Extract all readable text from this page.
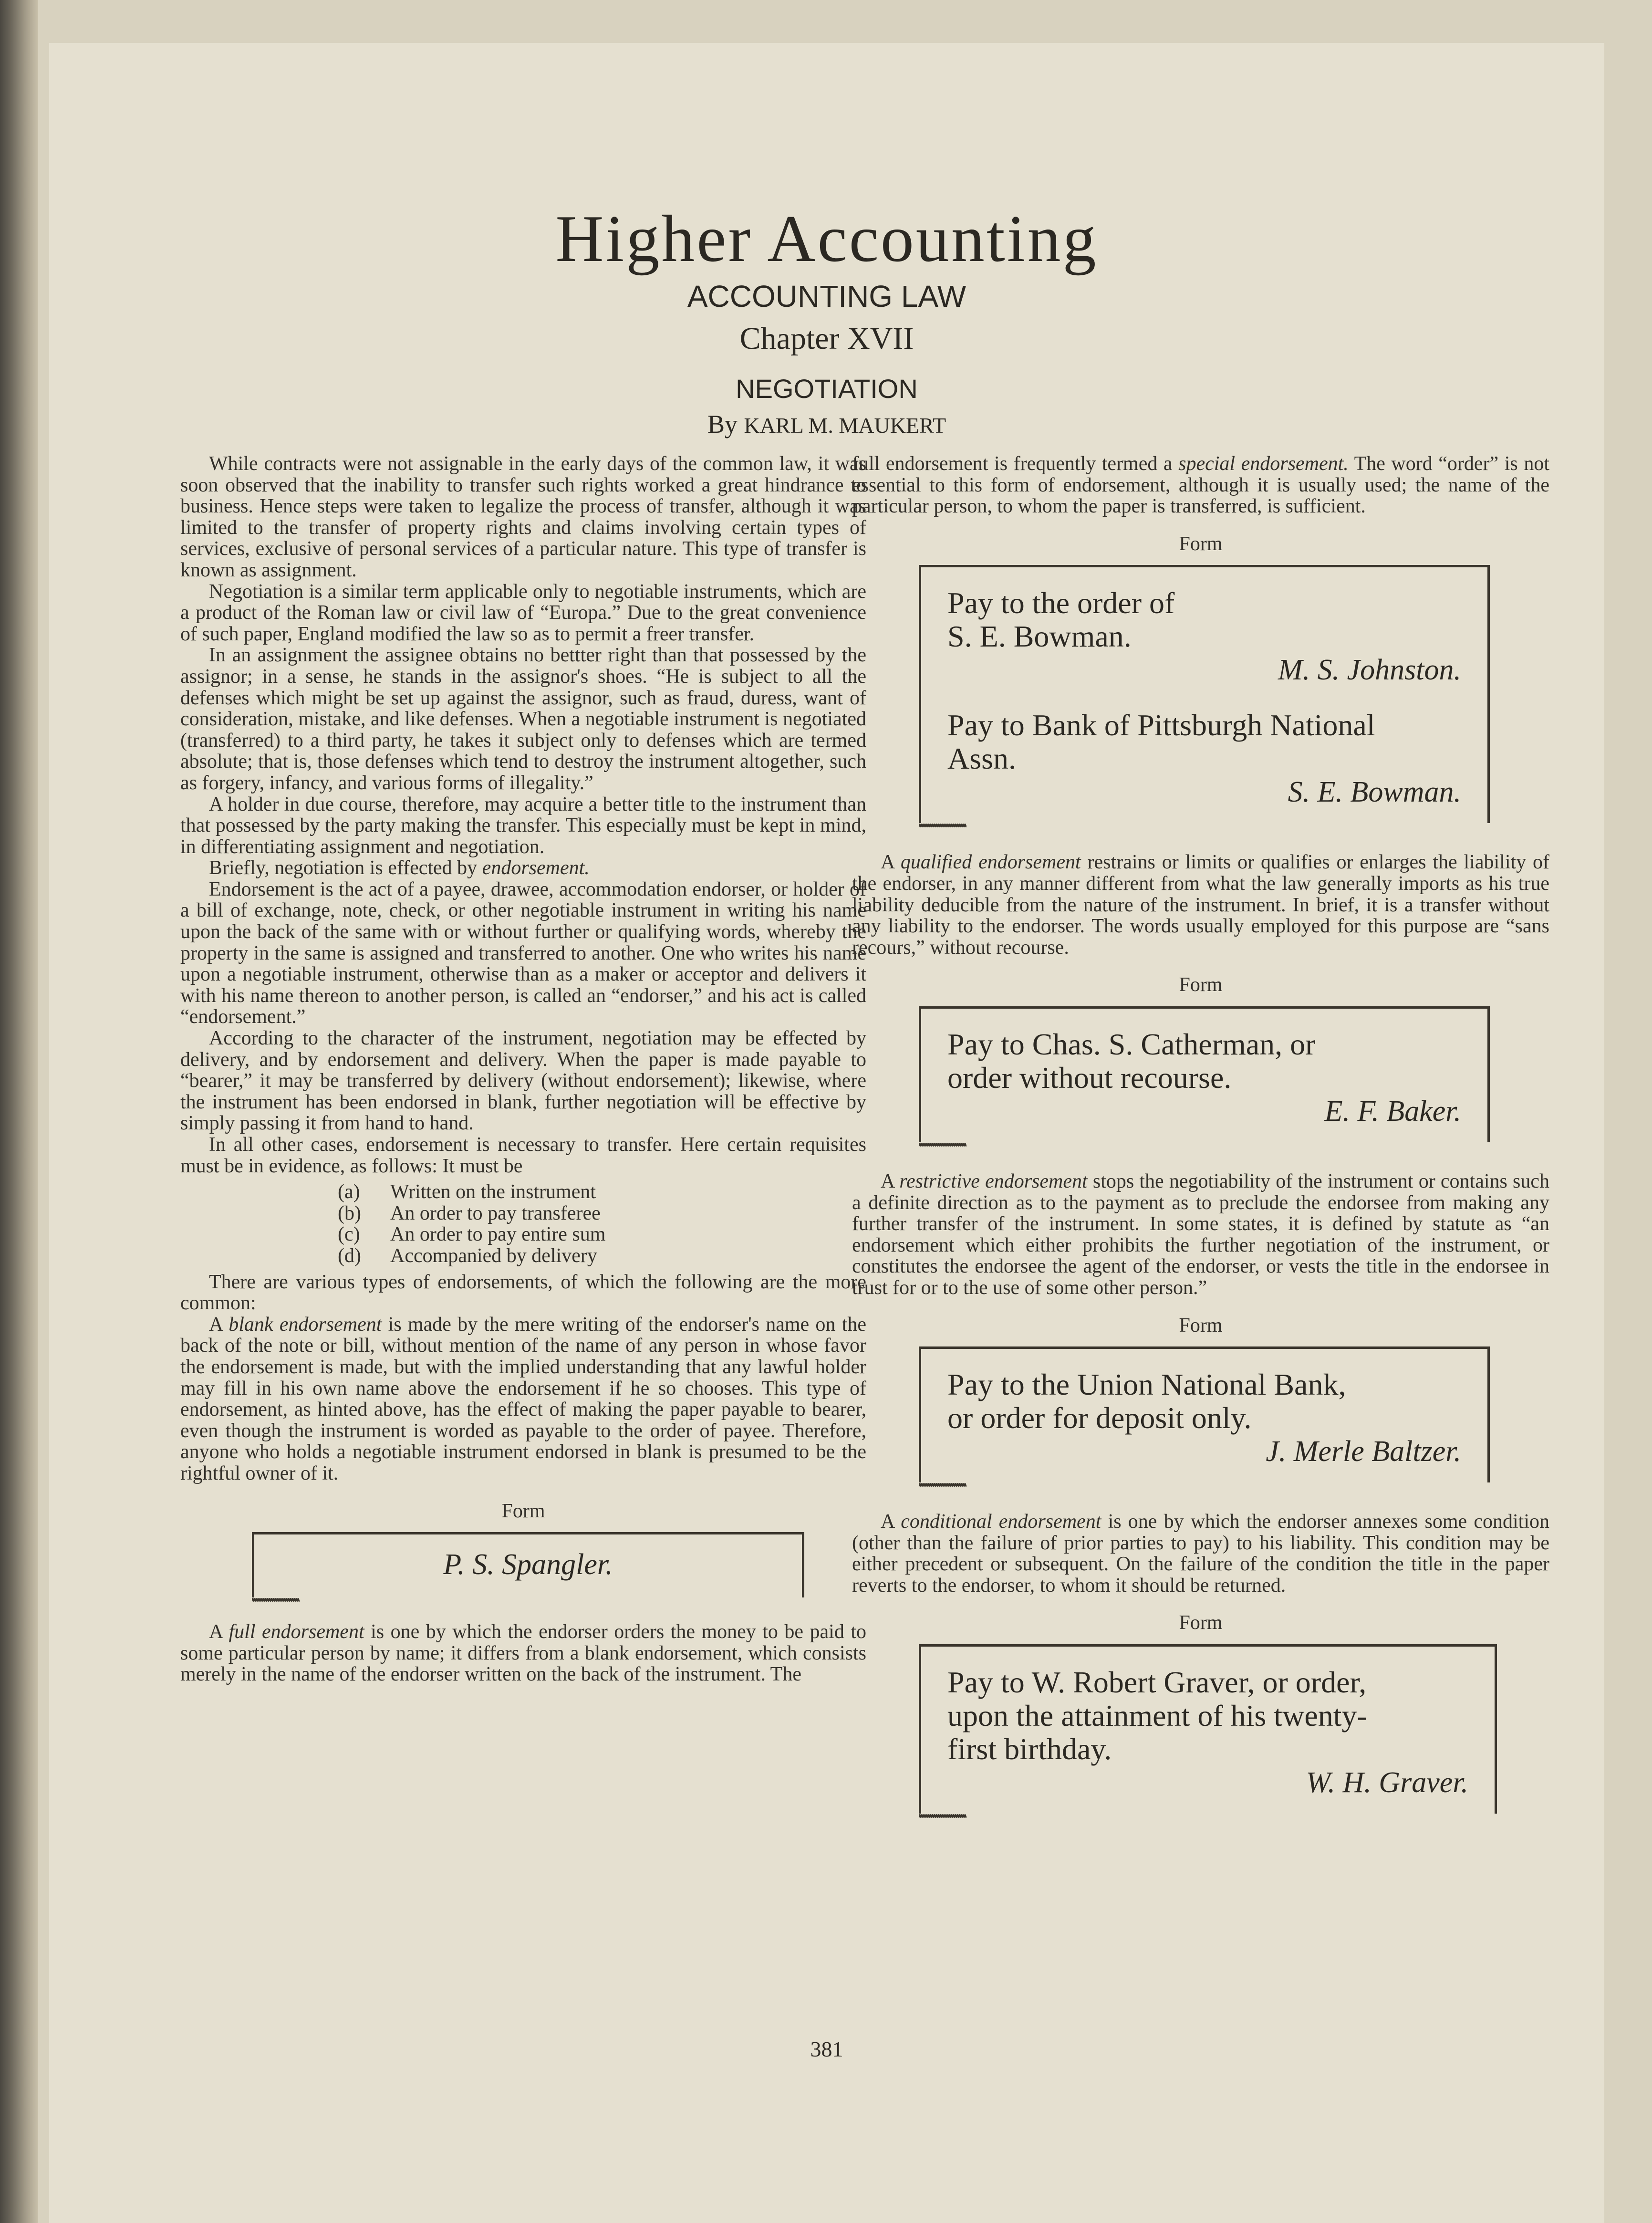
Higher Accounting
ACCOUNTING LAW
Chapter XVII
NEGOTIATION
By KARL M. MAUKERT

While contracts were not assignable in the early days of the common law, it was soon observed that the inability to transfer such rights worked a great hindrance to business. Hence steps were taken to legalize the process of transfer, although it was limited to the transfer of property rights and claims involving certain types of services, exclusive of personal services of a particular nature. This type of transfer is known as assignment.

Negotiation is a similar term applicable only to negotiable instruments, which are a product of the Roman law or civil law of “Europa.” Due to the great convenience of such paper, England modified the law so as to permit a freer transfer.

In an assignment the assignee obtains no bettter right than that possessed by the assignor; in a sense, he stands in the assignor's shoes. “He is subject to all the defenses which might be set up against the assignor, such as fraud, duress, want of consideration, mistake, and like defenses. When a negotiable instrument is negotiated (transferred) to a third party, he takes it subject only to defenses which are termed absolute; that is, those defenses which tend to destroy the instrument altogether, such as forgery, infancy, and various forms of illegality.”

A holder in due course, therefore, may acquire a better title to the instrument than that possessed by the party making the transfer. This especially must be kept in mind, in differentiating assignment and negotiation.

Briefly, negotiation is effected by endorsement.

Endorsement is the act of a payee, drawee, accommodation endorser, or holder of a bill of exchange, note, check, or other negotiable instrument in writing his name upon the back of the same with or without further or qualifying words, whereby the property in the same is assigned and transferred to another. One who writes his name upon a negotiable instrument, otherwise than as a maker or acceptor and delivers it with his name thereon to another person, is called an “endorser,” and his act is called “endorsement.”

According to the character of the instrument, negotiation may be effected by delivery, and by endorsement and delivery. When the paper is made payable to “bearer,” it may be transferred by delivery (without endorsement); likewise, where the instrument has been endorsed in blank, further negotiation will be effective by simply passing it from hand to hand.

In all other cases, endorsement is necessary to transfer. Here certain requisites must be in evidence, as follows: It must be

(a)	Written on the instrument
(b)	An order to pay transferee
(c)	An order to pay entire sum
(d)	Accompanied by delivery

There are various types of endorsements, of which the following are the more common:

A blank endorsement is made by the mere writing of the endorser's name on the back of the note or bill, without mention of the name of any person in whose favor the endorsement is made, but with the implied understanding that any lawful holder may fill in his own name above the endorsement if he so chooses. This type of endorsement, as hinted above, has the effect of making the paper payable to bearer, even though the instrument is worded as payable to the order of payee. Therefore, anyone who holds a negotiable instrument endorsed in blank is presumed to be the rightful owner of it.

Form
P. S. Spangler.

A full endorsement is one by which the endorser orders the money to be paid to some particular person by name; it differs from a blank endorsement, which consists merely in the name of the endorser written on the back of the instrument. The

full endorsement is frequently termed a special endorsement. The word “order” is not essential to this form of endorsement, although it is usually used; the name of the particular person, to whom the paper is transferred, is sufficient.

Form
Pay to the order of
S. E. Bowman.
M. S. Johnston.
Pay to Bank of Pittsburgh National
Assn.
S. E. Bowman.

A qualified endorsement restrains or limits or qualifies or enlarges the liability of the endorser, in any manner different from what the law generally imports as his true liability deducible from the nature of the instrument. In brief, it is a transfer without any liability to the endorser. The words usually employed for this purpose are “sans recours,” without recourse.

Form
Pay to Chas. S. Catherman, or
order without recourse.
E. F. Baker.

A restrictive endorsement stops the negotiability of the instrument or contains such a definite direction as to the payment as to preclude the endorsee from making any further transfer of the instrument. In some states, it is defined by statute as “an endorsement which either prohibits the further negotiation of the instrument, or constitutes the endorsee the agent of the endorser, or vests the title in the endorsee in trust for or to the use of some other person.”

Form
Pay to the Union National Bank,
or order for deposit only.
J. Merle Baltzer.

A conditional endorsement is one by which the endorser annexes some condition (other than the failure of prior parties to pay) to his liability. This condition may be either precedent or subsequent. On the failure of the condition the title in the paper reverts to the endorser, to whom it should be returned.

Form
Pay to W. Robert Graver, or order,
upon the attainment of his twenty-
first birthday.
W. H. Graver.
381
